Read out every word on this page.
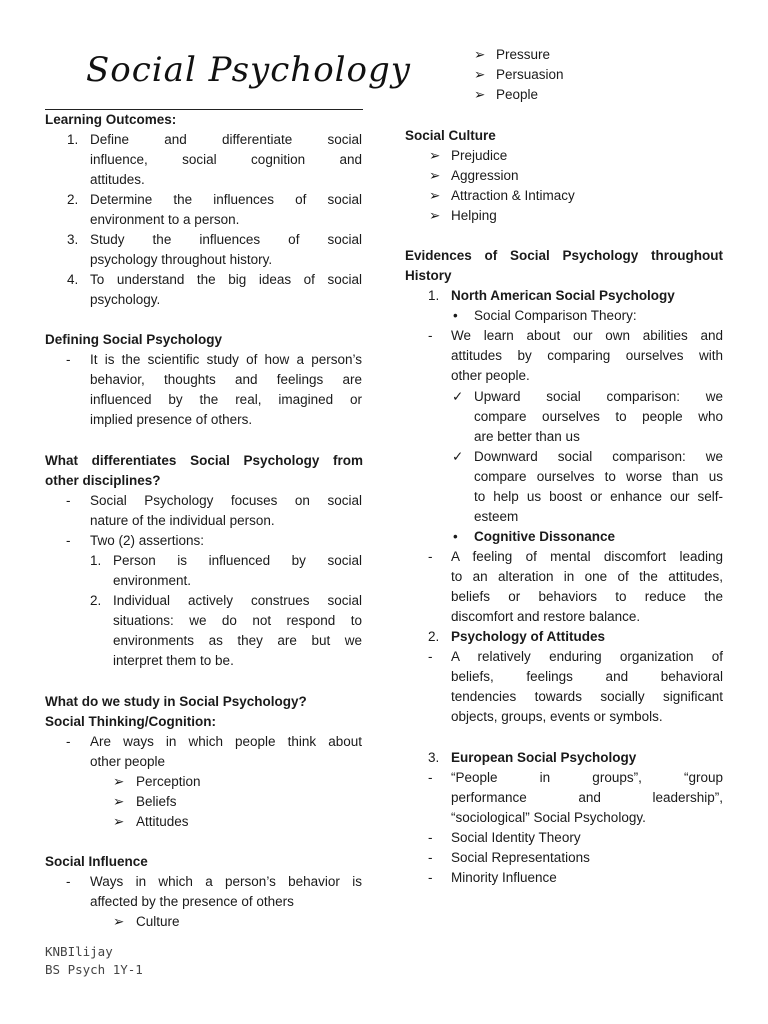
Social Psychology
Learning Outcomes:
1. Define and differentiate social
influence, social cognition and
attitudes.
2. Determine the influences of social
environment to a person.
3. Study the influences of social
psychology throughout history.
4. To understand the big ideas of social
psychology.
Defining Social Psychology
- It is the scientific study of how a person’s
behavior, thoughts and feelings are
influenced by the real, imagined or
implied presence of others.
What differentiates Social Psychology from
other disciplines?
- Social Psychology focuses on social
nature of the individual person.
- Two (2) assertions:
1. Person is influenced by social
environment.
2. Individual actively construes social
situations: we do not respond to
environments as they are but we
interpret them to be.
What do we study in Social Psychology?
Social Thinking/Cognition:
- Are ways in which people think about
other people
➢ Perception
➢ Beliefs
➢ Attitudes
Social Influence
- Ways in which a person’s behavior is
affected by the presence of others
➢ Culture
➢ Pressure
➢ Persuasion
➢ People
Social Culture
➢ Prejudice
➢ Aggression
➢ Attraction & Intimacy
➢ Helping
Evidences of Social Psychology throughout
History
1. North American Social Psychology
• Social Comparison Theory:
- We learn about our own abilities and
attitudes by comparing ourselves with
other people.
✓ Upward social comparison: we
compare ourselves to people who
are better than us
✓ Downward social comparison: we
compare ourselves to worse than us
to help us boost or enhance our self-
esteem
• Cognitive Dissonance
- A feeling of mental discomfort leading
to an alteration in one of the attitudes,
beliefs or behaviors to reduce the
discomfort and restore balance.
2. Psychology of Attitudes
- A relatively enduring organization of
beliefs, feelings and behavioral
tendencies towards socially significant
objects, groups, events or symbols.
3. European Social Psychology
- “People in groups”, “group
performance and leadership”,
“sociological” Social Psychology.
- Social Identity Theory
- Social Representations
- Minority Influence
KNBIlijay
BS Psych 1Y-1
